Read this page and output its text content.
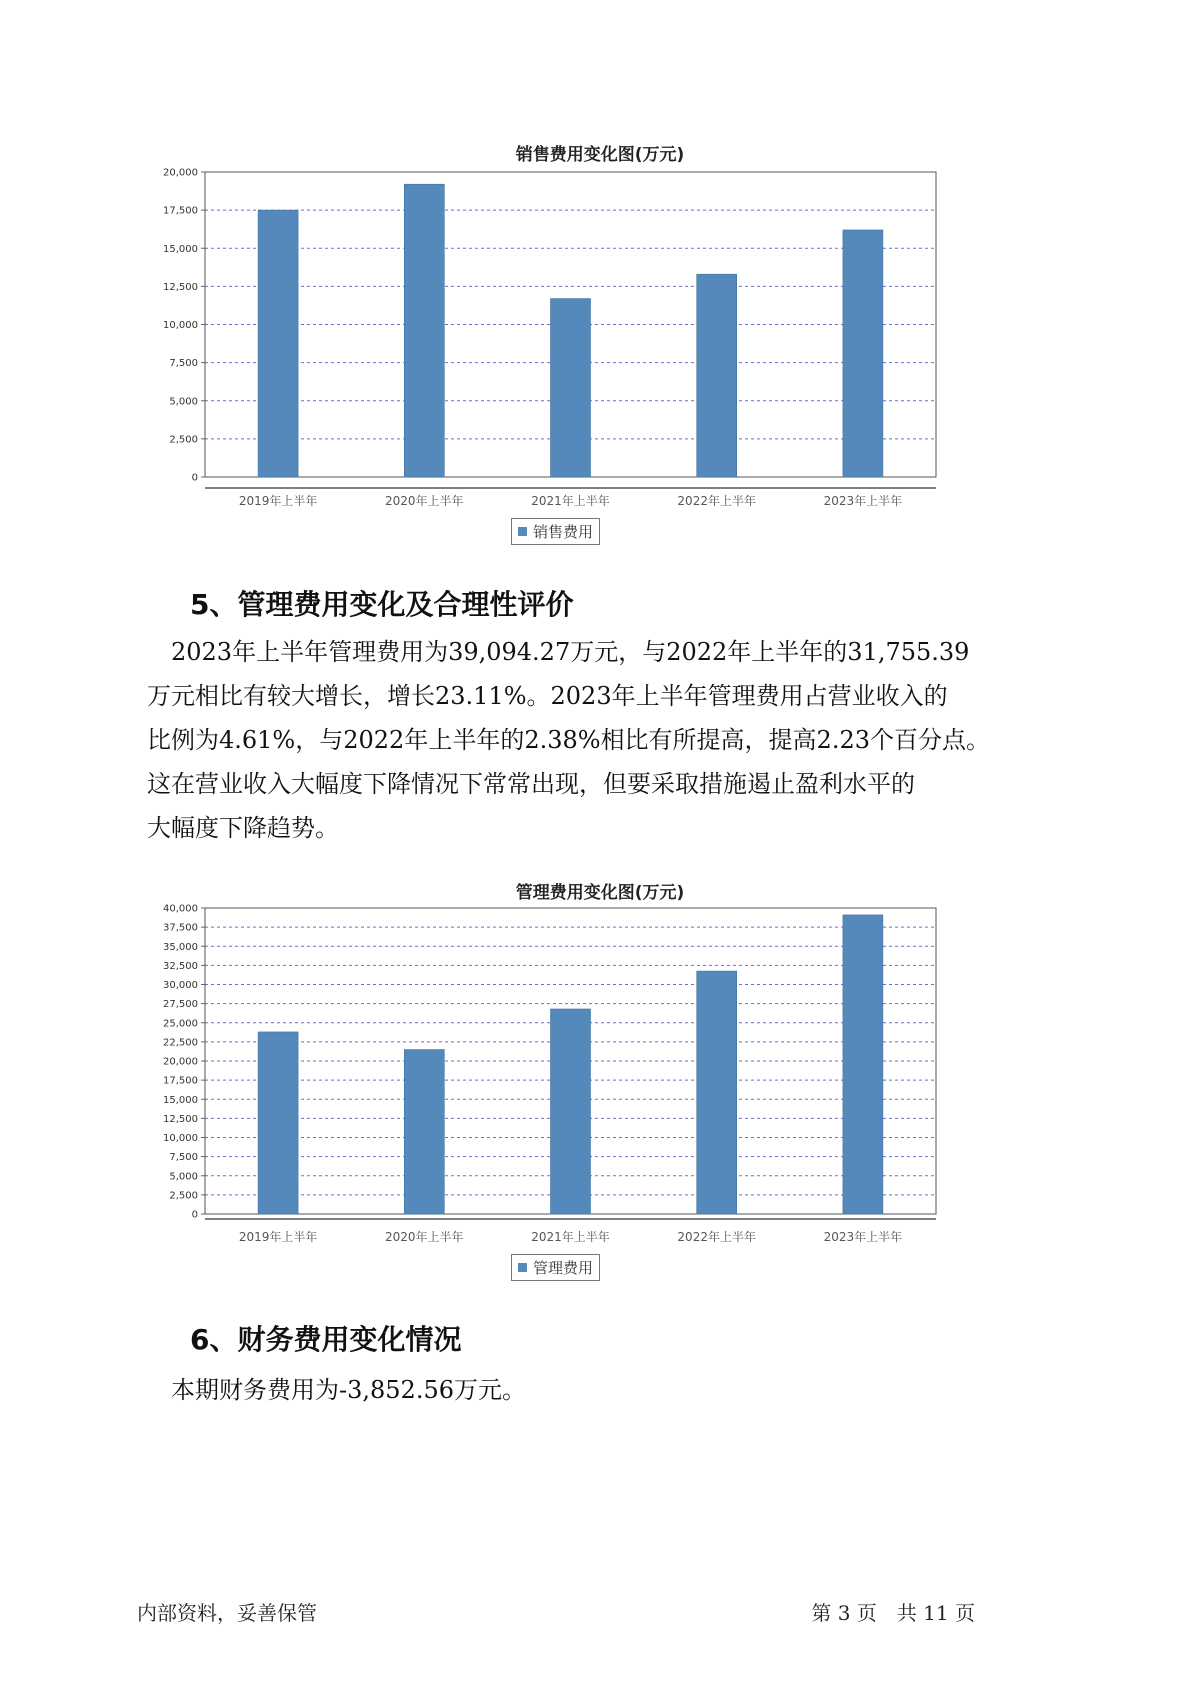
销售费用变化图(万元)
0
2,500
5,000
7,500
10,000
12,500
15,000
17,500
20,000
2019年上半年	2020年上半年	2021年上半年	2022年上半年	2023年上半年
销售费用
5、管理费用变化及合理性评价

　2023年上半年管理费用为39,094.27万元，与2022年上半年的31,755.39
万元相比有较大增长，增长23.11%。2023年上半年管理费用占营业收入的
比例为4.61%，与2022年上半年的2.38%相比有所提高，提高2.23个百分点。
这在营业收入大幅度下降情况下常常出现，但要采取措施遏止盈利水平的
大幅度下降趋势。

管理费用变化图(万元)
0
2,500
5,000
7,500
10,000
12,500
15,000
17,500
20,000
22,500
25,000
27,500
30,000
32,500
35,000
37,500
40,000
2019年上半年	2020年上半年	2021年上半年	2022年上半年	2023年上半年
管理费用
6、财务费用变化情况

　本期财务费用为-3,852.56万元。

内部资料，妥善保管	第 3 页　共 11 页
